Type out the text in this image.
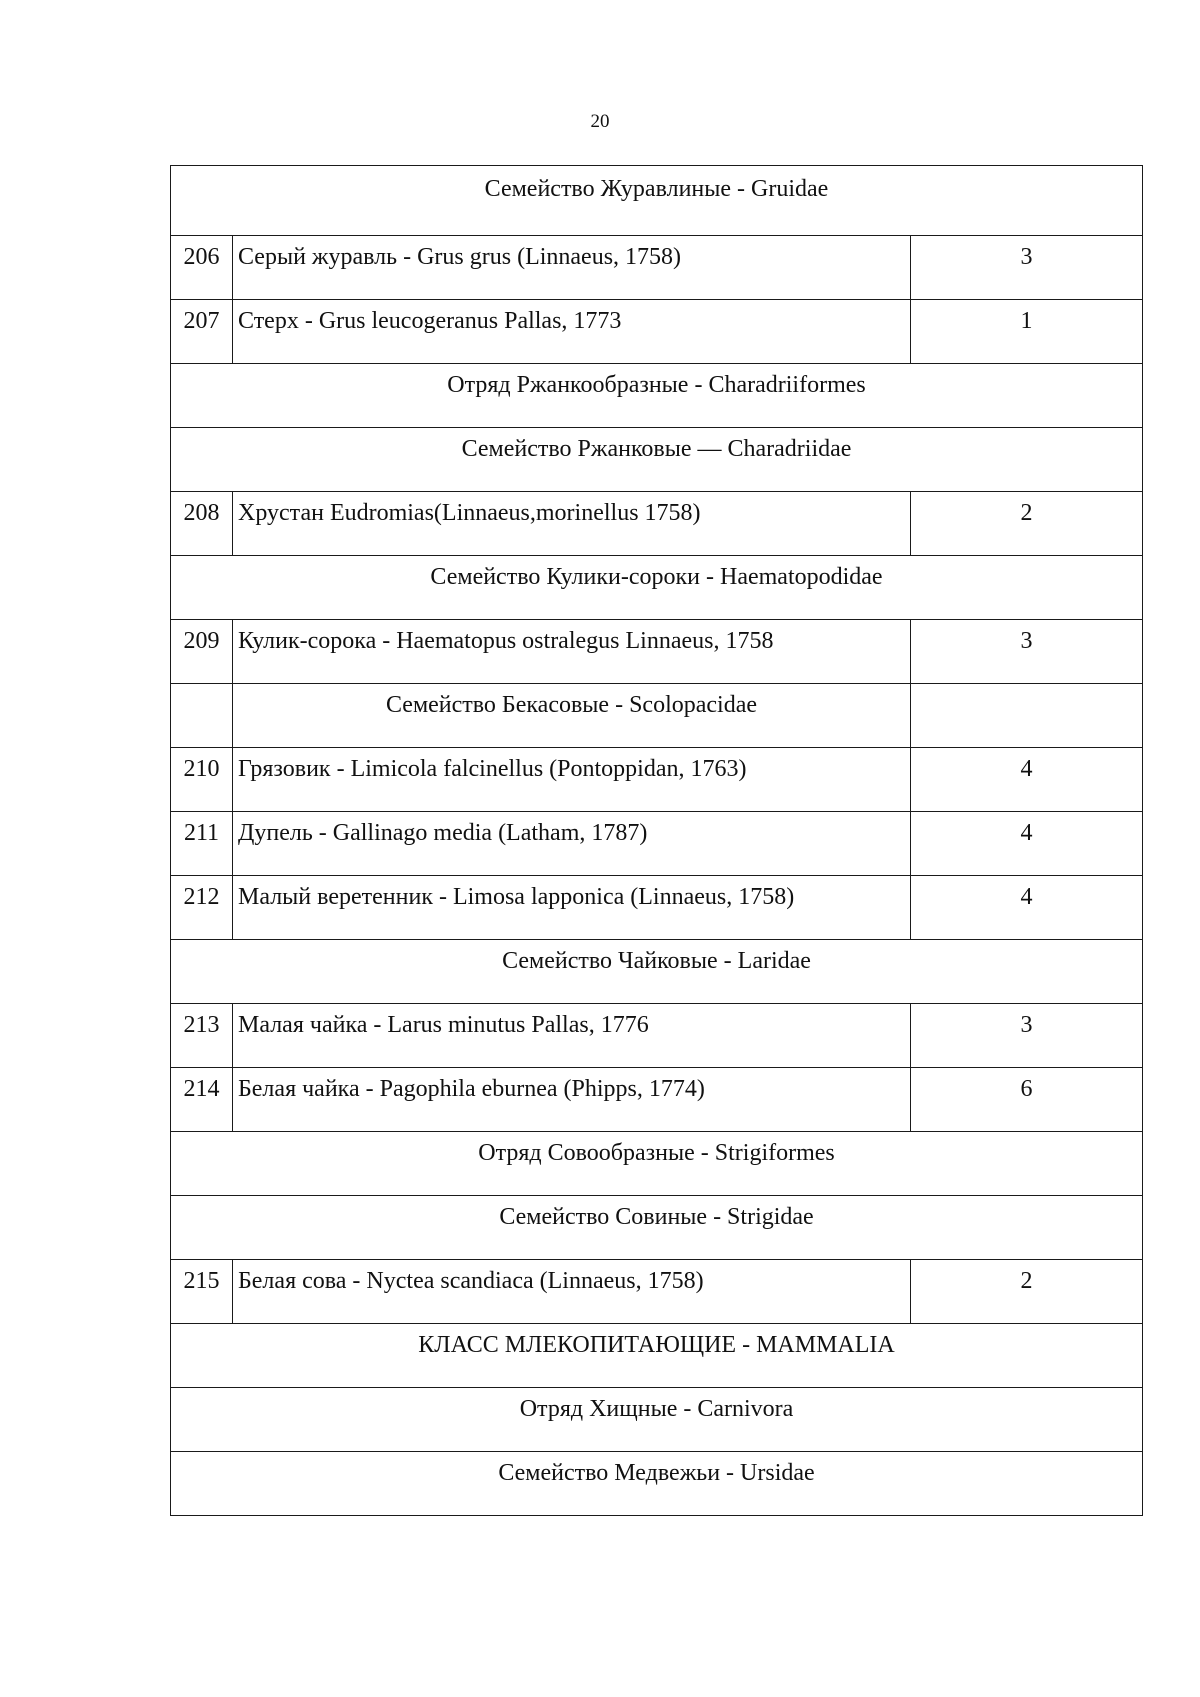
20
Семейство Журавлиные - Gruidae		
206	Серый журавль - Grus grus (Linnaeus, 1758)	3
207	Стерх - Grus leucogeranus Pallas, 1773	1
Отряд Ржанкообразные - Charadriiformes		
Семейство Ржанковые — Charadriidae		
208	Хрустан Eudromias(Linnaeus,morinellus 1758)	2
Семейство Кулики-сороки - Haematopodidae		
209	Кулик-сорока - Haematopus ostralegus Linnaeus, 1758	3
	Семейство Бекасовые - Scolopacidae	
210	Грязовик - Limicola falcinellus (Pontoppidan, 1763)	4
211	Дупель - Gallinago media (Latham, 1787)	4
212	Малый веретенник - Limosa lapponica (Linnaeus, 1758)	4
Семейство Чайковые - Laridae		
213	Малая чайка - Larus minutus Pallas, 1776	3
214	Белая чайка - Pagophila eburnea (Phipps, 1774)	6
Отряд Совообразные - Strigiformes		
Семейство Совиные - Strigidae		
215	Белая сова - Nyctea scandiaca (Linnaeus, 1758)	2
КЛАСС МЛЕКОПИТАЮЩИЕ - MAMMALIA		
Отряд Хищные - Carnivora		
Семейство Медвежьи - Ursidae		
